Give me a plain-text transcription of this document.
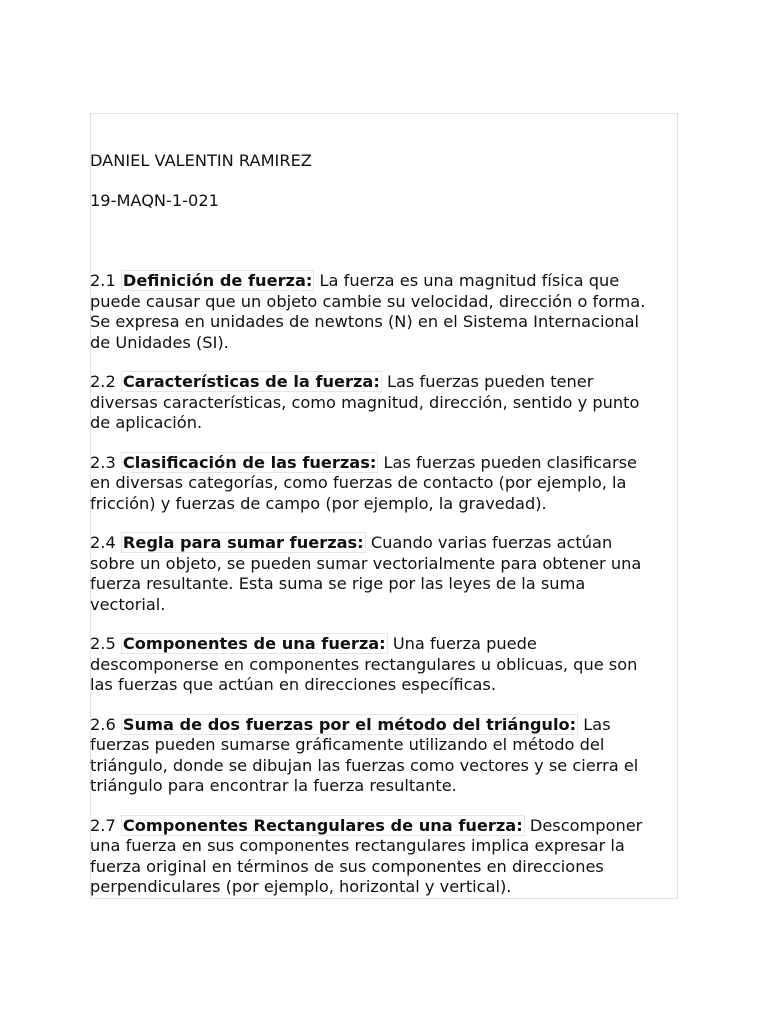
DANIEL VALENTIN RAMIREZ

19-MAQN-1-021

2.1 Definición de fuerza: La fuerza es una magnitud física que

puede causar que un objeto cambie su velocidad, dirección o forma.

Se expresa en unidades de newtons (N) en el Sistema Internacional

de Unidades (SI).

2.2 Características de la fuerza: Las fuerzas pueden tener

diversas características, como magnitud, dirección, sentido y punto

de aplicación.

2.3 Clasificación de las fuerzas: Las fuerzas pueden clasificarse

en diversas categorías, como fuerzas de contacto (por ejemplo, la

fricción) y fuerzas de campo (por ejemplo, la gravedad).

2.4 Regla para sumar fuerzas: Cuando varias fuerzas actúan

sobre un objeto, se pueden sumar vectorialmente para obtener una

fuerza resultante. Esta suma se rige por las leyes de la suma

vectorial.

2.5 Componentes de una fuerza: Una fuerza puede

descomponerse en componentes rectangulares u oblicuas, que son

las fuerzas que actúan en direcciones específicas.

2.6 Suma de dos fuerzas por el método del triángulo: Las

fuerzas pueden sumarse gráficamente utilizando el método del

triángulo, donde se dibujan las fuerzas como vectores y se cierra el

triángulo para encontrar la fuerza resultante.

2.7 Componentes Rectangulares de una fuerza: Descomponer

una fuerza en sus componentes rectangulares implica expresar la

fuerza original en términos de sus componentes en direcciones

perpendiculares (por ejemplo, horizontal y vertical).
